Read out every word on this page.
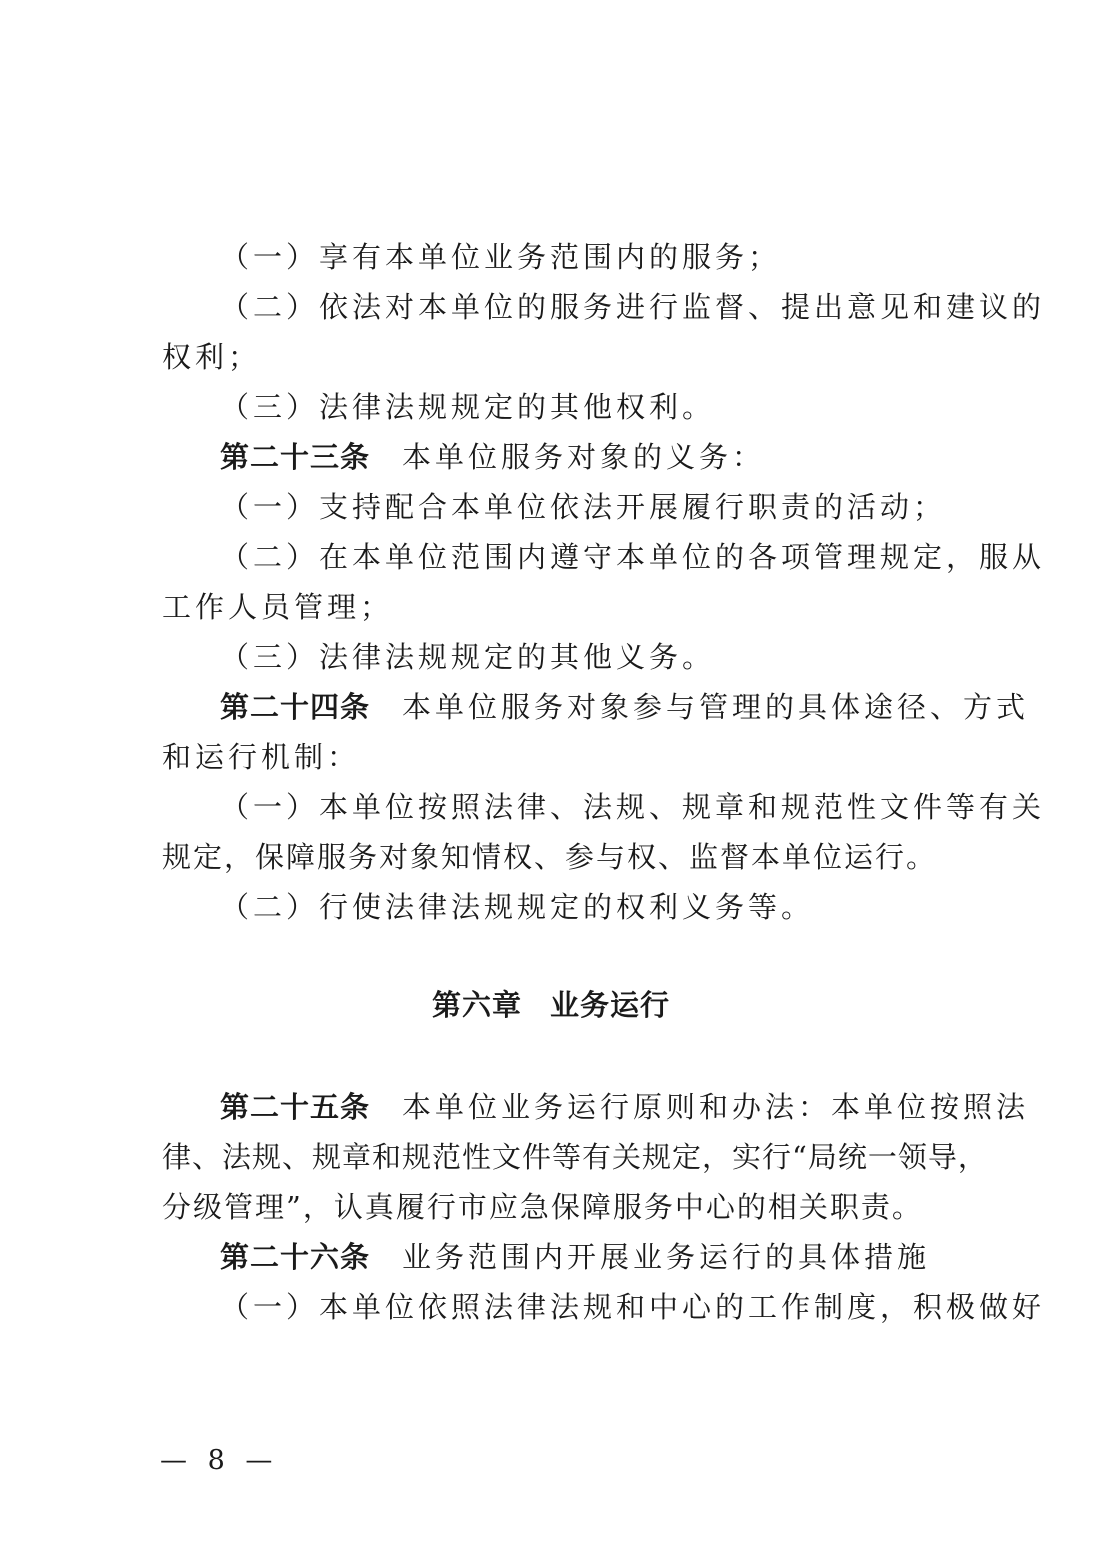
（一）享有本单位业务范围内的服务；
（二）依法对本单位的服务进行监督、提出意见和建议的
权利；
（三）法律法规规定的其他权利。
第二十三条 本单位服务对象的义务：
（一）支持配合本单位依法开展履行职责的活动；
（二）在本单位范围内遵守本单位的各项管理规定，服从
工作人员管理；
（三）法律法规规定的其他义务。
第二十四条 本单位服务对象参与管理的具体途径、方式
和运行机制：
（一）本单位按照法律、法规、规章和规范性文件等有关
规定，保障服务对象知情权、参与权、监督本单位运行。
（二）行使法律法规规定的权利义务等。
第六章 业务运行
第二十五条 本单位业务运行原则和办法：本单位按照法
律、法规、规章和规范性文件等有关规定，实行“局统一领导，
分级管理”，认真履行市应急保障服务中心的相关职责。
第二十六条 业务范围内开展业务运行的具体措施
（一）本单位依照法律法规和中心的工作制度，积极做好
— 8 —
